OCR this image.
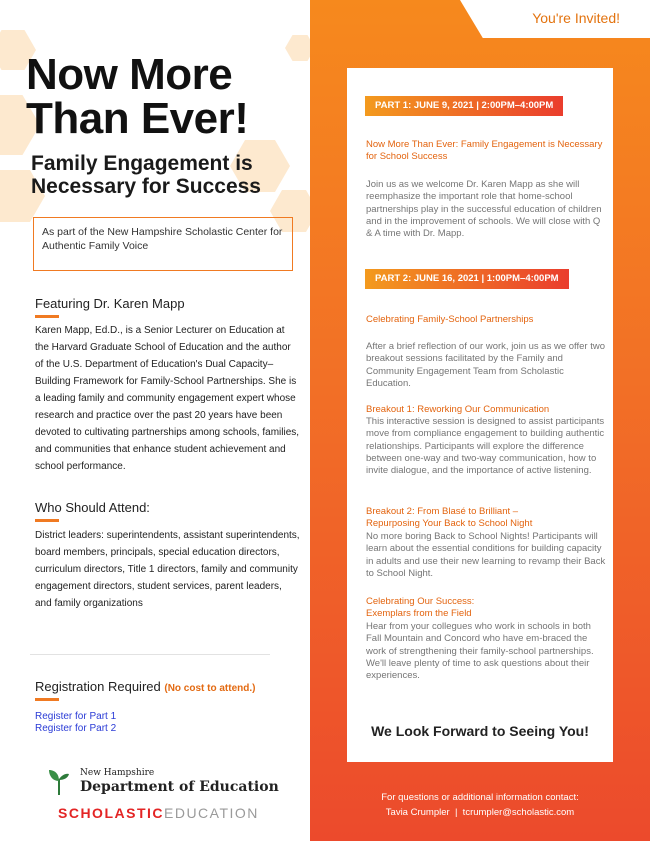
Now More Than Ever!
Family Engagement is Necessary for Success
As part of the New Hampshire Scholastic Center for Authentic Family Voice
Featuring Dr. Karen Mapp
Karen Mapp, Ed.D., is a Senior Lecturer on Education at the Harvard Graduate School of Education and the author of the U.S. Department of Education's Dual Capacity–Building Framework for Family-School Partnerships. She is a leading family and community engagement expert whose research and practice over the past 20 years have been devoted to cultivating partnerships among schools, families, and communities that enhance student achievement and school performance.
Who Should Attend:
District leaders: superintendents, assistant superintendents, board members, principals, special education directors, curriculum directors, Title 1 directors, family and community engagement directors, student services, parent leaders, and family organizations
Registration Required (No cost to attend.)
Register for Part 1
Register for Part 2
New Hampshire
Department of Education
SCHOLASTICEDUCATION
You're Invited!
PART 1: JUNE 9, 2021 | 2:00PM–4:00PM
Now More Than Ever: Family Engagement is Necessary for School Success
Join us as we welcome Dr. Karen Mapp as she will reemphasize the important role that home-school partnerships play in the successful education of children and in the improvement of schools. We will close with Q & A time with Dr. Mapp.
PART 2: JUNE 16, 2021 | 1:00PM–4:00PM
Celebrating Family-School Partnerships
After a brief reflection of our work, join us as we offer two breakout sessions facilitated by the Family and Community Engagement Team from Scholastic Education.
Breakout 1: Reworking Our Communication
This interactive session is designed to assist participants move from compliance engagement to building authentic relationships. Participants will explore the difference between one-way and two-way communication, how to invite dialogue, and the importance of active listening.
Breakout 2: From Blasé to Brilliant – Repurposing Your Back to School Night
No more boring Back to School Nights! Participants will learn about the essential conditions for building capacity in adults and use their new learning to revamp their Back to School Night.
Celebrating Our Success: Exemplars from the Field
Hear from your collegues who work in schools in both Fall Mountain and Concord who have em-braced the work of strengthening their family-school partnerships. We'll leave plenty of time to ask questions about their experiences.
We Look Forward to Seeing You!
For questions or additional information contact:
Tavia Crumpler  |  tcrumpler@scholastic.com
